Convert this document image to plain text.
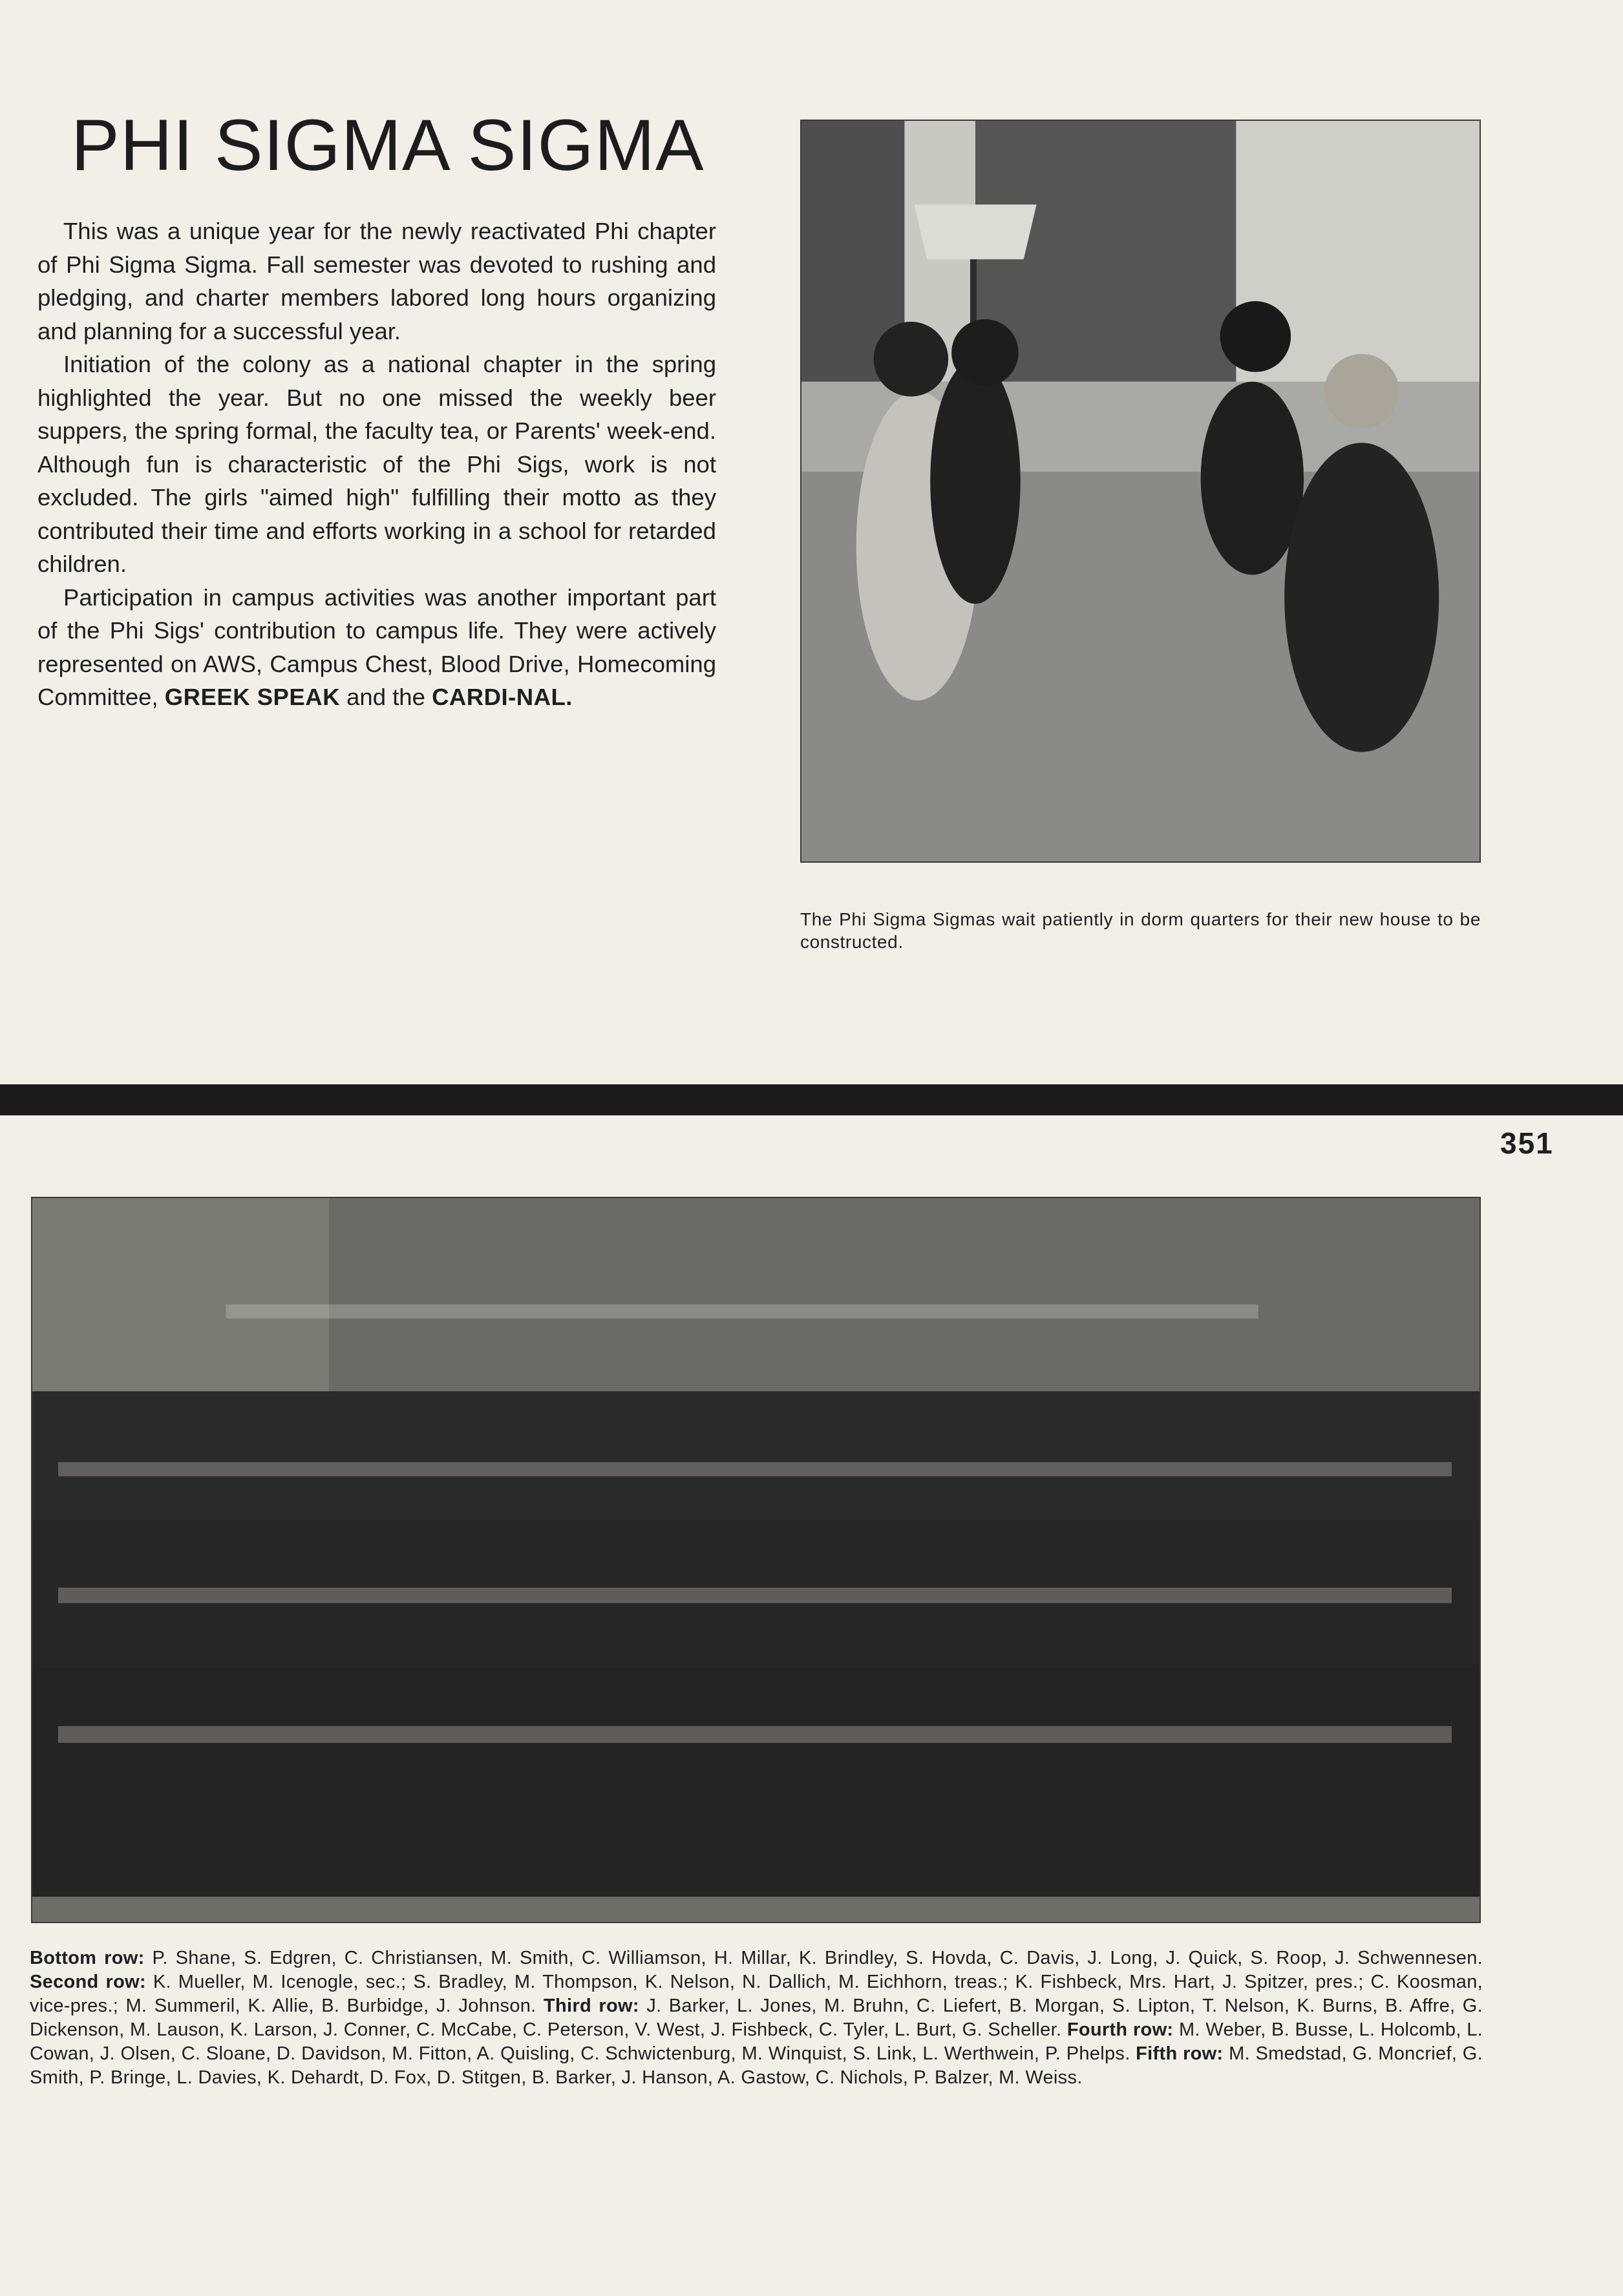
PHI SIGMA SIGMA

This was a unique year for the newly reactivated Phi chapter of Phi Sigma Sigma. Fall semester was devoted to rushing and pledging, and charter members labored long hours organizing and planning for a successful year.

Initiation of the colony as a national chapter in the spring highlighted the year. But no one missed the weekly beer suppers, the spring formal, the faculty tea, or Parents' week-end. Although fun is characteristic of the Phi Sigs, work is not excluded. The girls "aimed high" fulfilling their motto as they contributed their time and efforts working in a school for retarded children.

Participation in campus activities was another important part of the Phi Sigs' contribution to campus life. They were actively represented on AWS, Campus Chest, Blood Drive, Homecoming Committee, GREEK SPEAK and the CARDI-NAL.

The Phi Sigma Sigmas wait patiently in dorm quarters for their new house to be constructed.

351

Bottom row: P. Shane, S. Edgren, C. Christiansen, M. Smith, C. Williamson, H. Millar, K. Brindley, S. Hovda, C. Davis, J. Long, J. Quick, S. Roop, J. Schwennesen. Second row: K. Mueller, M. Icenogle, sec.; S. Bradley, M. Thompson, K. Nelson, N. Dallich, M. Eichhorn, treas.; K. Fishbeck, Mrs. Hart, J. Spitzer, pres.; C. Koosman, vice-pres.; M. Summeril, K. Allie, B. Burbidge, J. Johnson. Third row: J. Barker, L. Jones, M. Bruhn, C. Liefert, B. Morgan, S. Lipton, T. Nelson, K. Burns, B. Affre, G. Dickenson, M. Lauson, K. Larson, J. Conner, C. McCabe, C. Peterson, V. West, J. Fishbeck, C. Tyler, L. Burt, G. Scheller. Fourth row: M. Weber, B. Busse, L. Holcomb, L. Cowan, J. Olsen, C. Sloane, D. Davidson, M. Fitton, A. Quisling, C. Schwictenburg, M. Winquist, S. Link, L. Werthwein, P. Phelps. Fifth row: M. Smedstad, G. Moncrief, G. Smith, P. Bringe, L. Davies, K. Dehardt, D. Fox, D. Stitgen, B. Barker, J. Hanson, A. Gastow, C. Nichols, P. Balzer, M. Weiss.
